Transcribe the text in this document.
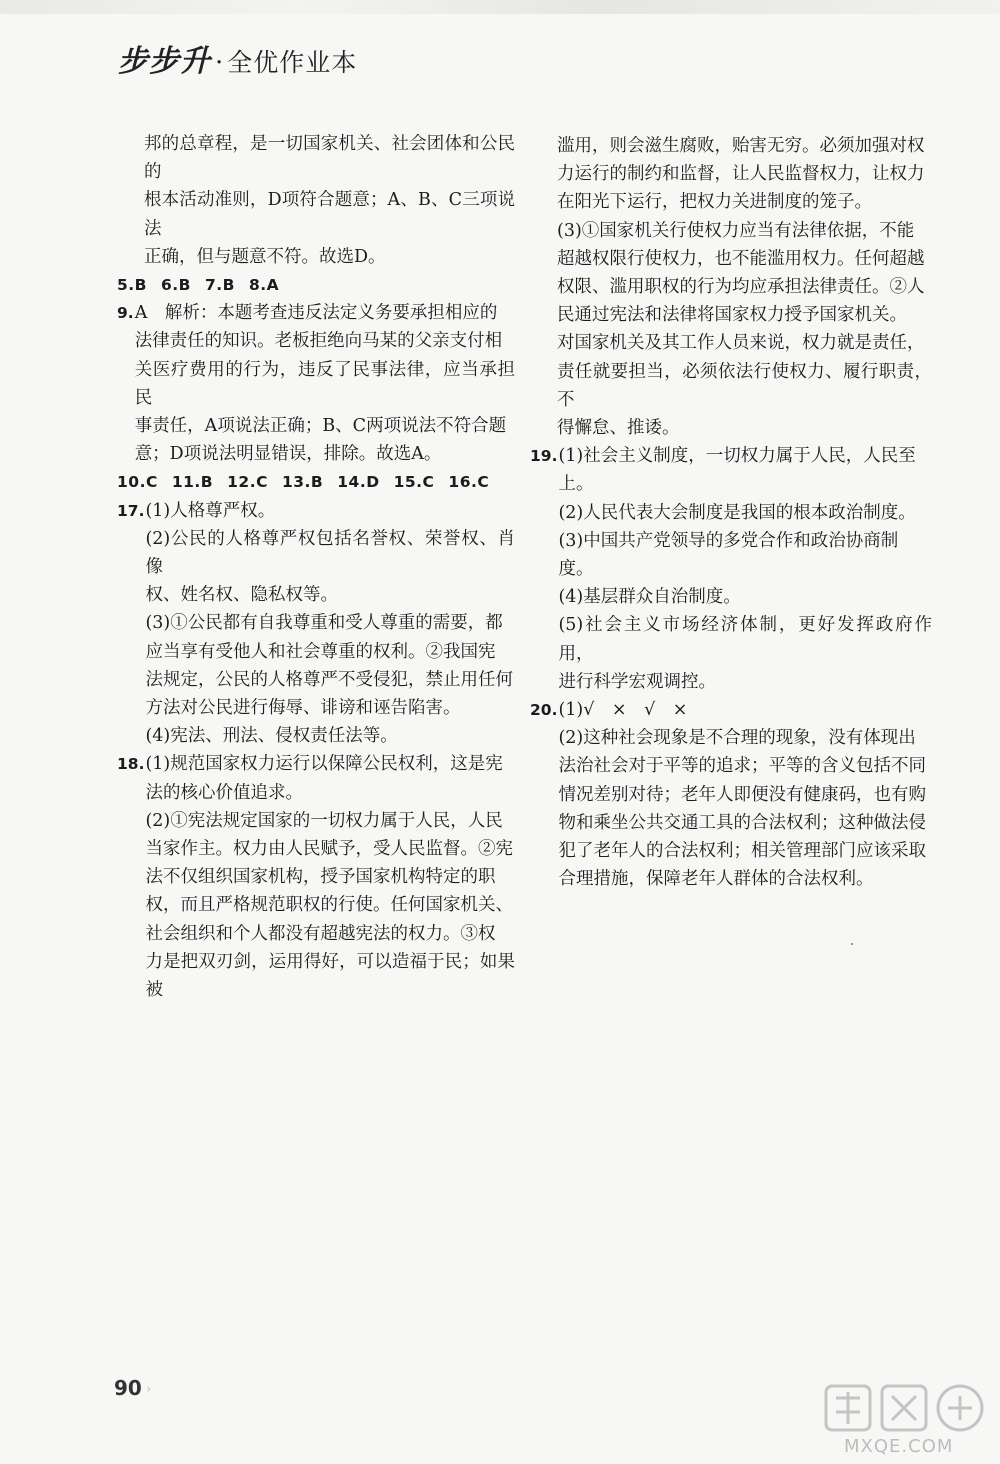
步步升 · 全优作业本

邦的总章程，是一切国家机关、社会团体和公民的

根本活动准则，D项符合题意；A、B、C三项说法

正确，但与题意不符。故选D。

5.B 6.B 7.B 8.A
9. A　解析：本题考查违反法定义务要承担相应的

法律责任的知识。老板拒绝向马某的父亲支付相

关医疗费用的行为，违反了民事法律，应当承担民

事责任，A项说法正确；B、C两项说法不符合题

意；D项说法明显错误，排除。故选A。

10.C 11.B 12.C 13.B 14.D 15.C 16.C
17. (1)人格尊严权。

(2)公民的人格尊严权包括名誉权、荣誉权、肖像

权、姓名权、隐私权等。

(3)①公民都有自我尊重和受人尊重的需要，都

应当享有受他人和社会尊重的权利。②我国宪

法规定，公民的人格尊严不受侵犯，禁止用任何

方法对公民进行侮辱、诽谤和诬告陷害。

(4)宪法、刑法、侵权责任法等。

18. (1)规范国家权力运行以保障公民权利，这是宪

法的核心价值追求。

(2)①宪法规定国家的一切权力属于人民，人民

当家作主。权力由人民赋予，受人民监督。②宪

法不仅组织国家机构，授予国家机构特定的职

权，而且严格规范职权的行使。任何国家机关、

社会组织和个人都没有超越宪法的权力。③权

力是把双刃剑，运用得好，可以造福于民；如果被

滥用，则会滋生腐败，贻害无穷。必须加强对权

力运行的制约和监督，让人民监督权力，让权力

在阳光下运行，把权力关进制度的笼子。

(3)①国家机关行使权力应当有法律依据，不能

超越权限行使权力，也不能滥用权力。任何超越

权限、滥用职权的行为均应承担法律责任。②人

民通过宪法和法律将国家权力授予国家机关。

对国家机关及其工作人员来说，权力就是责任，

责任就要担当，必须依法行使权力、履行职责，不

得懈怠、推诿。

19. (1)社会主义制度，一切权力属于人民，人民至

上。

(2)人民代表大会制度是我国的根本政治制度。

(3)中国共产党领导的多党合作和政治协商制

度。

(4)基层群众自治制度。

(5)社会主义市场经济体制，更好发挥政府作用，

进行科学宏观调控。

20. (1)√　×　√　×

(2)这种社会现象是不合理的现象，没有体现出

法治社会对于平等的追求；平等的含义包括不同

情况差别对待；老年人即便没有健康码，也有购

物和乘坐公共交通工具的合法权利；这种做法侵

犯了老年人的合法权利；相关管理部门应该采取

合理措施，保障老年人群体的合法权利。

90 ›
MXQE.COM
